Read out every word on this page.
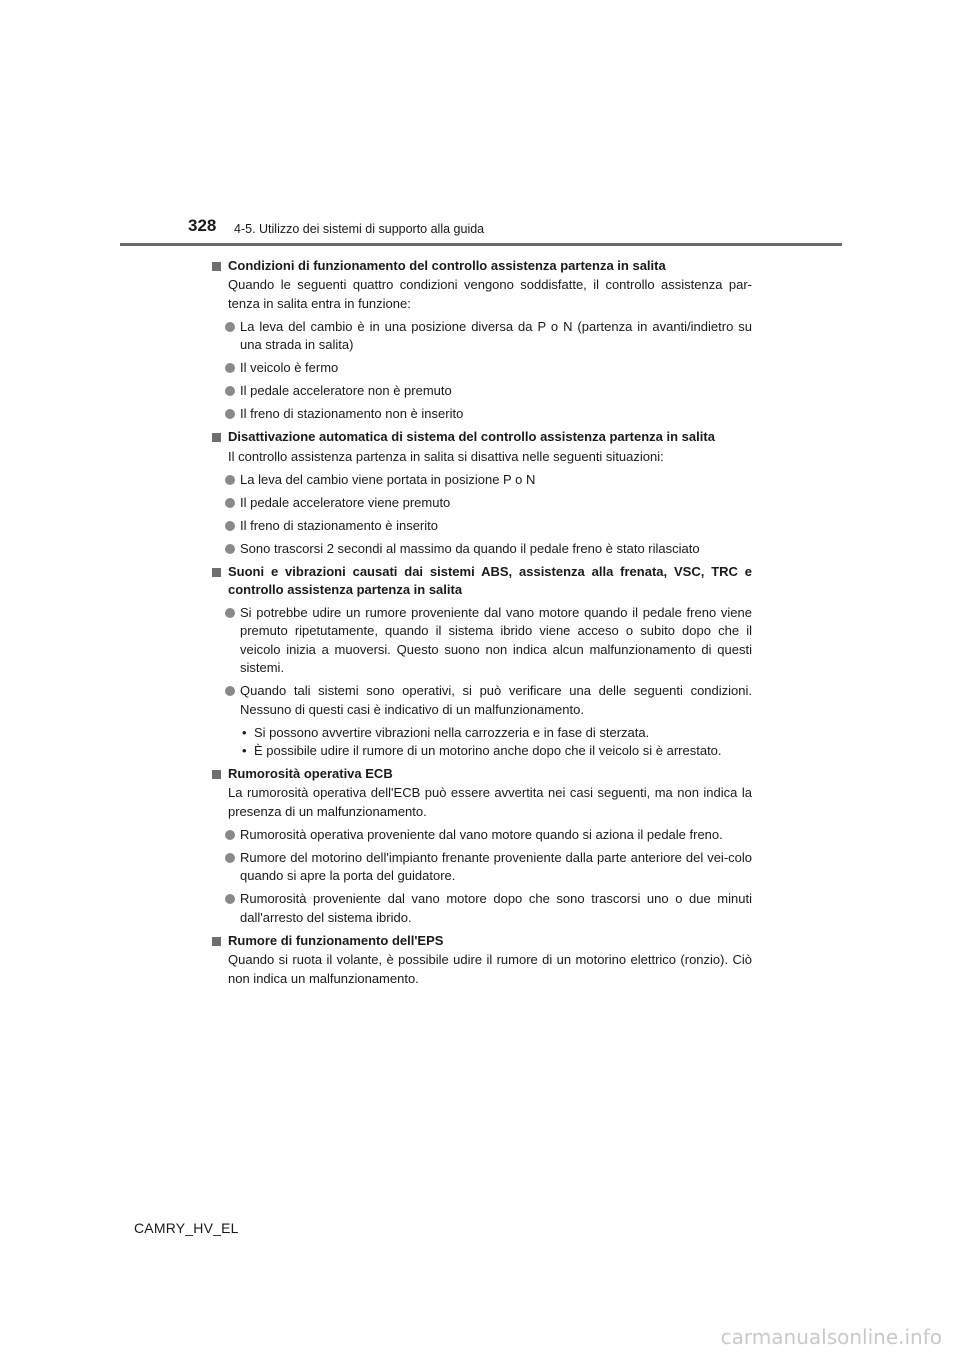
328 4-5. Utilizzo dei sistemi di supporto alla guida
Condizioni di funzionamento del controllo assistenza partenza in salita
Quando le seguenti quattro condizioni vengono soddisfatte, il controllo assistenza par-tenza in salita entra in funzione:
La leva del cambio è in una posizione diversa da P o N (partenza in avanti/indietro su una strada in salita)
Il veicolo è fermo
Il pedale acceleratore non è premuto
Il freno di stazionamento non è inserito
Disattivazione automatica di sistema del controllo assistenza partenza in salita
Il controllo assistenza partenza in salita si disattiva nelle seguenti situazioni:
La leva del cambio viene portata in posizione P o N
Il pedale acceleratore viene premuto
Il freno di stazionamento è inserito
Sono trascorsi 2 secondi al massimo da quando il pedale freno è stato rilasciato
Suoni e vibrazioni causati dai sistemi ABS, assistenza alla frenata, VSC, TRC e controllo assistenza partenza in salita
Si potrebbe udire un rumore proveniente dal vano motore quando il pedale freno viene premuto ripetutamente, quando il sistema ibrido viene acceso o subito dopo che il veicolo inizia a muoversi. Questo suono non indica alcun malfunzionamento di questi sistemi.
Quando tali sistemi sono operativi, si può verificare una delle seguenti condizioni. Nessuno di questi casi è indicativo di un malfunzionamento.
• Si possono avvertire vibrazioni nella carrozzeria e in fase di sterzata.
• È possibile udire il rumore di un motorino anche dopo che il veicolo si è arrestato.
Rumorosità operativa ECB
La rumorosità operativa dell'ECB può essere avvertita nei casi seguenti, ma non indica la presenza di un malfunzionamento.
Rumorosità operativa proveniente dal vano motore quando si aziona il pedale freno.
Rumore del motorino dell'impianto frenante proveniente dalla parte anteriore del vei-colo quando si apre la porta del guidatore.
Rumorosità proveniente dal vano motore dopo che sono trascorsi uno o due minuti dall'arresto del sistema ibrido.
Rumore di funzionamento dell'EPS
Quando si ruota il volante, è possibile udire il rumore di un motorino elettrico (ronzio). Ciò non indica un malfunzionamento.
CAMRY_HV_EL
carmanualsonline.info
